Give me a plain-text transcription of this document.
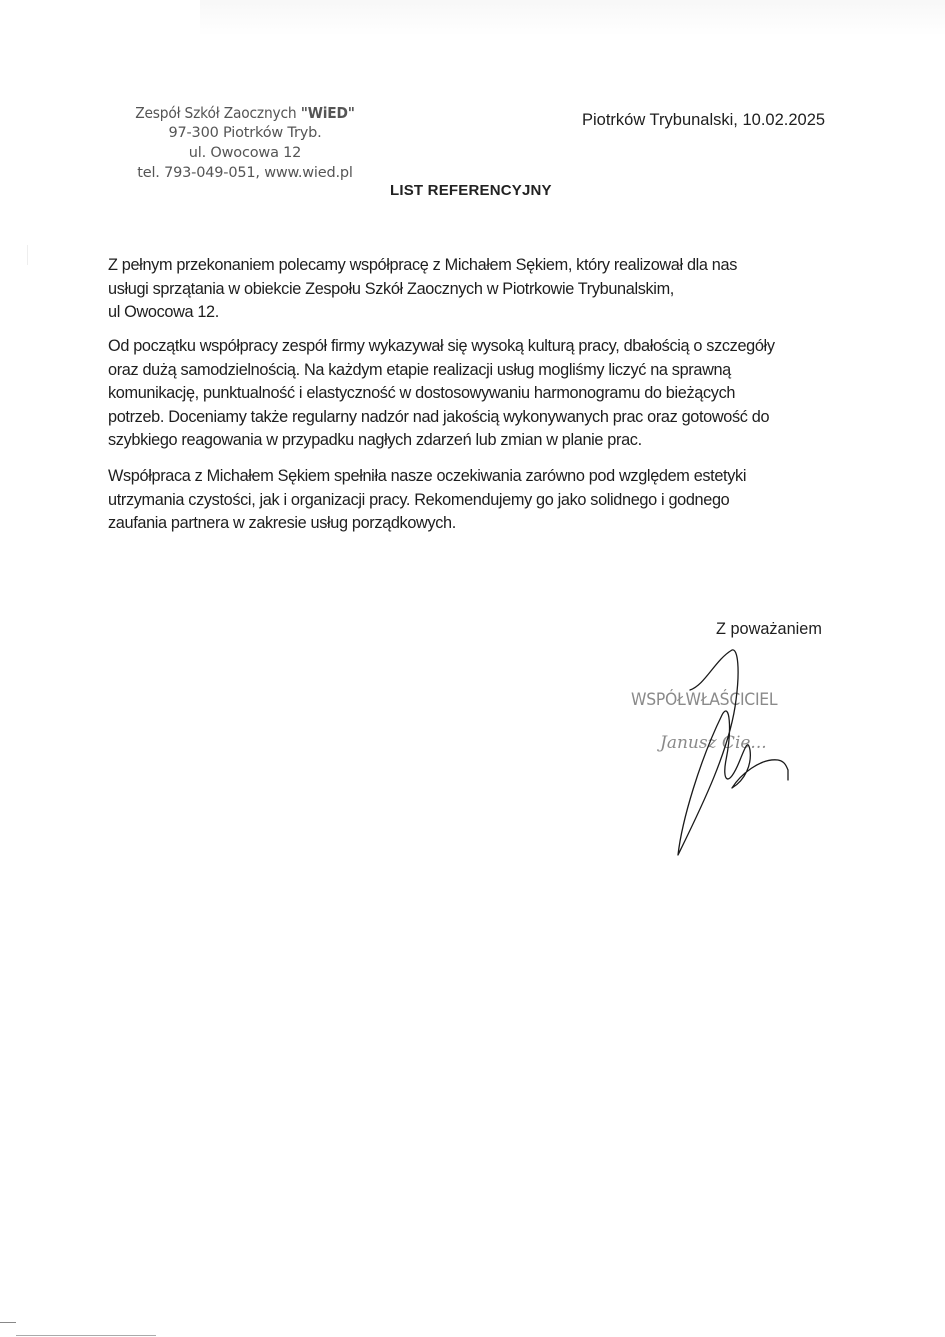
Zespół Szkół Zaocznych "WiED"
97-300 Piotrków Tryb.
ul. Owocowa 12
tel. 793-049-051, www.wied.pl
Piotrków Trybunalski, 10.02.2025
LIST REFERENCYJNY
Z pełnym przekonaniem polecamy współpracę z Michałem Sękiem, który realizował dla nas
usługi sprzątania w obiekcie Zespołu Szkół Zaocznych w Piotrkowie Trybunalskim,
ul Owocowa 12.
Od początku współpracy zespół firmy wykazywał się wysoką kulturą pracy, dbałością o szczegóły
oraz dużą samodzielnością. Na każdym etapie realizacji usług mogliśmy liczyć na sprawną
komunikację, punktualność i elastyczność w dostosowywaniu harmonogramu do bieżących
potrzeb. Doceniamy także regularny nadzór nad jakością wykonywanych prac oraz gotowość do
szybkiego reagowania w przypadku nagłych zdarzeń lub zmian w planie prac.
Współpraca z Michałem Sękiem spełniła nasze oczekiwania zarówno pod względem estetyki
utrzymania czystości, jak i organizacji pracy. Rekomendujemy go jako solidnego i godnego
zaufania partnera w zakresie usług porządkowych.
Z poważaniem
WSPÓŁWŁAŚCICIEL
Janusz Cie...
